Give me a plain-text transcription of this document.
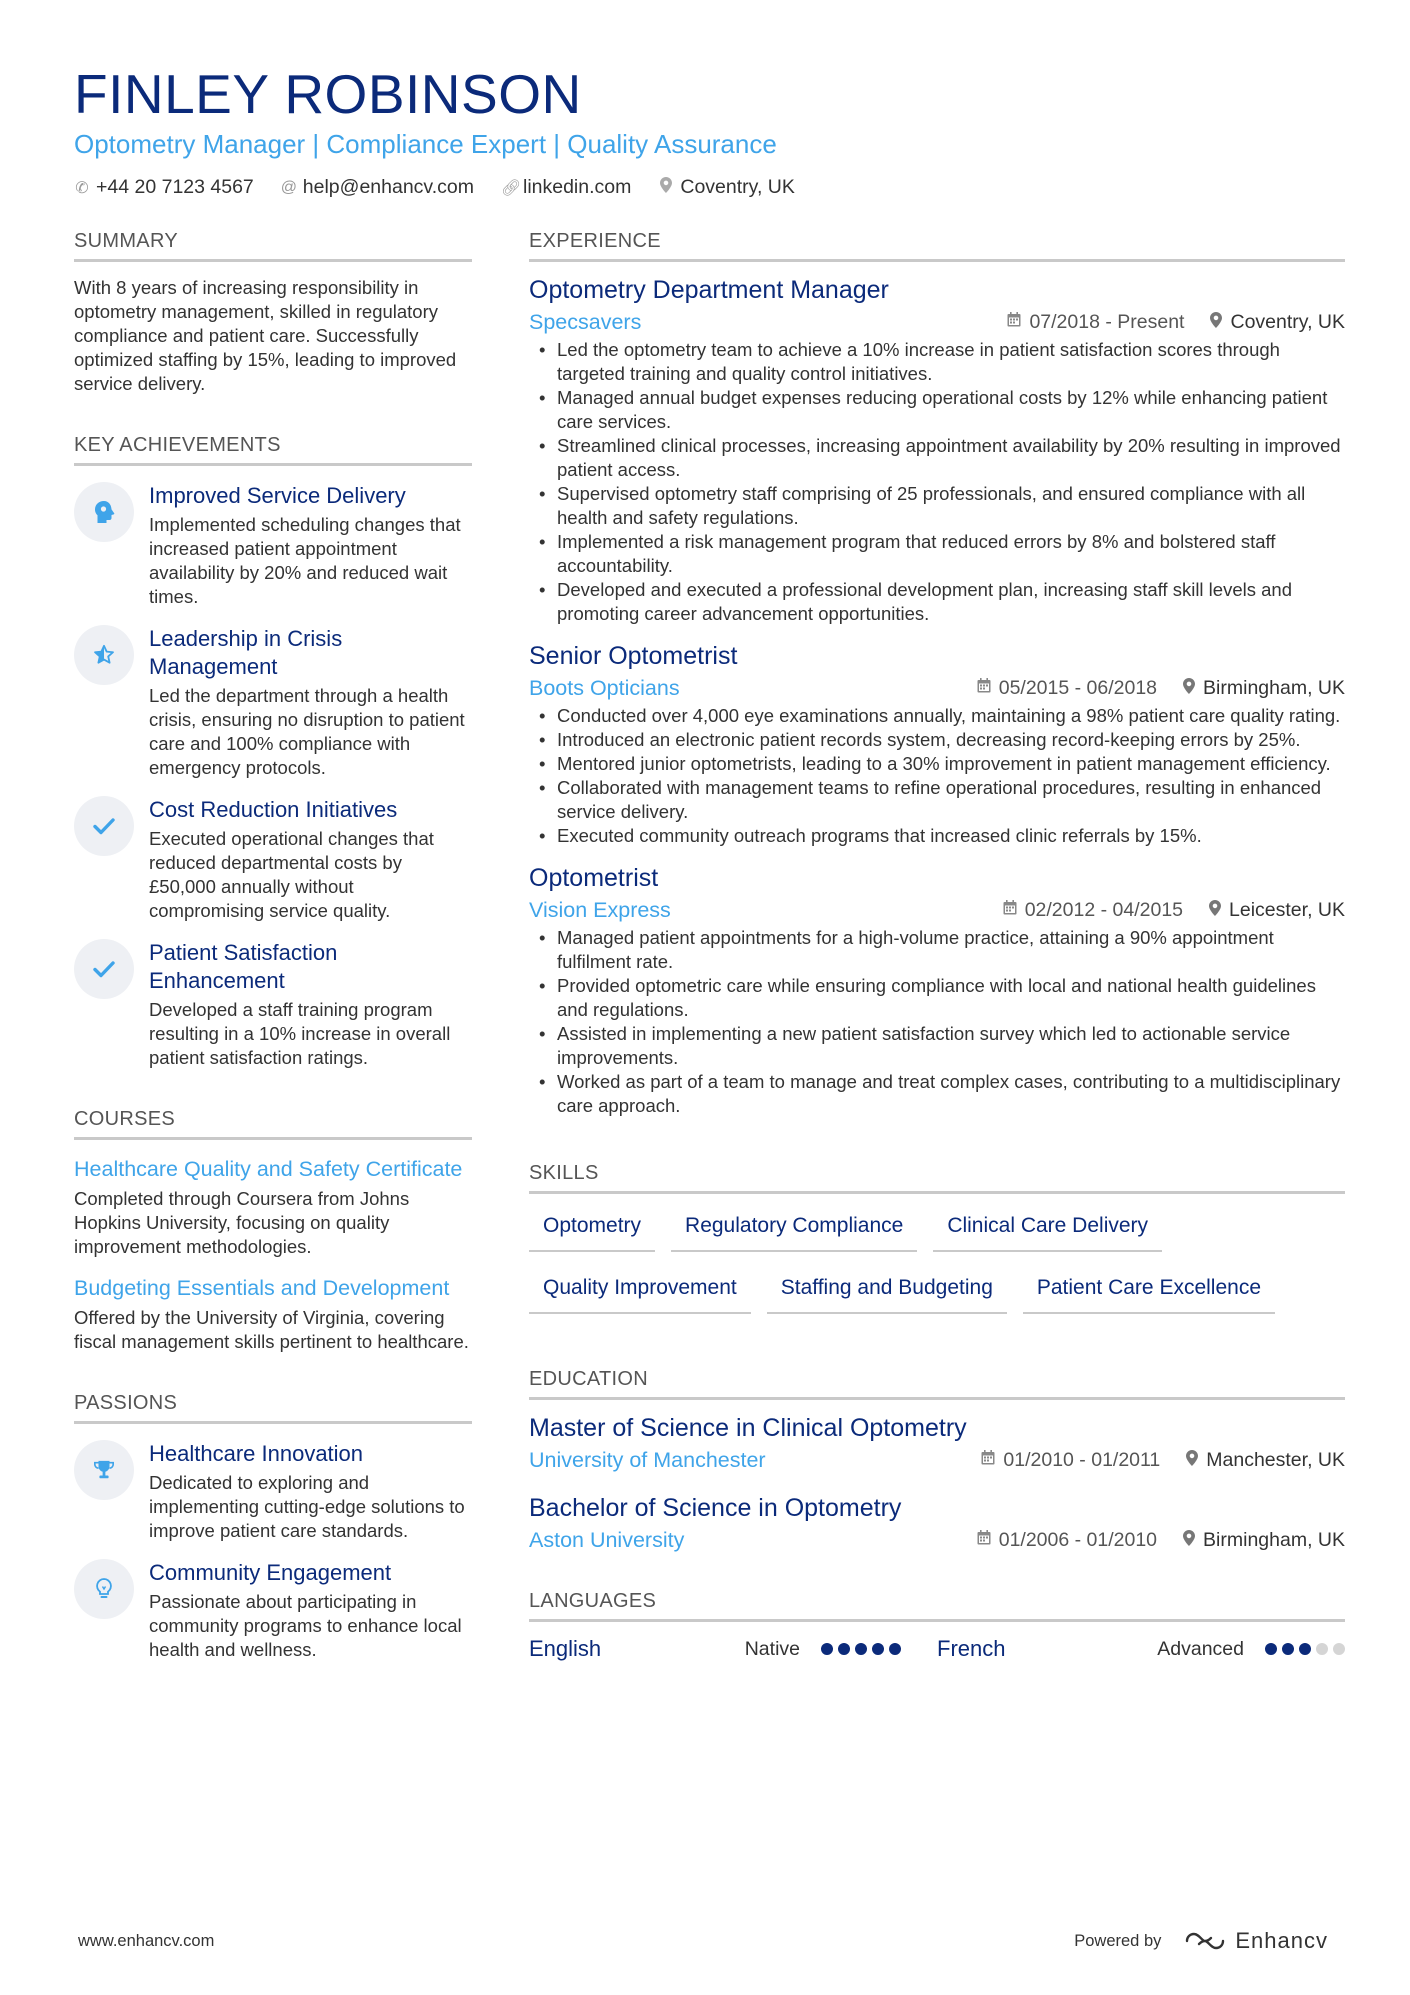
FINLEY ROBINSON
Optometry Manager | Compliance Expert | Quality Assurance
✆ +44 20 7123 4567 @ help@enhancv.com 🔗︎ linkedin.com	Coventry, UK
SUMMARY
With 8 years of increasing responsibility in optometry management, skilled in regulatory compliance and patient care. Successfully optimized staffing by 15%, leading to improved service delivery.
KEY ACHIEVEMENTS
Improved Service Delivery
Implemented scheduling changes that increased patient appointment availability by 20% and reduced wait times.
Leadership in Crisis Management
Led the department through a health crisis, ensuring no disruption to patient care and 100% compliance with emergency protocols.
Cost Reduction Initiatives
Executed operational changes that reduced departmental costs by £50,000 annually without compromising service quality.
Patient Satisfaction Enhancement
Developed a staff training program resulting in a 10% increase in overall patient satisfaction ratings.
COURSES
Healthcare Quality and Safety Certificate
Completed through Coursera from Johns Hopkins University, focusing on quality improvement methodologies.
Budgeting Essentials and Development
Offered by the University of Virginia, covering fiscal management skills pertinent to healthcare.
PASSIONS
Healthcare Innovation
Dedicated to exploring and implementing cutting-edge solutions to improve patient care standards.
Community Engagement
Passionate about participating in community programs to enhance local health and wellness.
EXPERIENCE
Optometry Department Manager
Specsavers	07/2018 - Present Coventry, UK
• Led the optometry team to achieve a 10% increase in patient satisfaction scores through targeted training and quality control initiatives.
• Managed annual budget expenses reducing operational costs by 12% while enhancing patient care services.
• Streamlined clinical processes, increasing appointment availability by 20% resulting in improved patient access.
• Supervised optometry staff comprising of 25 professionals, and ensured compliance with all health and safety regulations.
• Implemented a risk management program that reduced errors by 8% and bolstered staff accountability.
• Developed and executed a professional development plan, increasing staff skill levels and promoting career advancement opportunities.
Senior Optometrist
Boots Opticians	05/2015 - 06/2018 Birmingham, UK
• Conducted over 4,000 eye examinations annually, maintaining a 98% patient care quality rating.
• Introduced an electronic patient records system, decreasing record-keeping errors by 25%.
• Mentored junior optometrists, leading to a 30% improvement in patient management efficiency.
• Collaborated with management teams to refine operational procedures, resulting in enhanced service delivery.
• Executed community outreach programs that increased clinic referrals by 15%.
Optometrist
Vision Express	02/2012 - 04/2015 Leicester, UK
• Managed patient appointments for a high-volume practice, attaining a 90% appointment fulfilment rate.
• Provided optometric care while ensuring compliance with local and national health guidelines and regulations.
• Assisted in implementing a new patient satisfaction survey which led to actionable service improvements.
• Worked as part of a team to manage and treat complex cases, contributing to a multidisciplinary care approach.
SKILLS
Optometry	Regulatory Compliance	Clinical Care Delivery
Quality Improvement	Staffing and Budgeting	Patient Care Excellence
EDUCATION
Master of Science in Clinical Optometry
University of Manchester	01/2010 - 01/2011 Manchester, UK
Bachelor of Science in Optometry
Aston University	01/2006 - 01/2010 Birmingham, UK
LANGUAGES
English	Native	French	Advanced
www.enhancv.com	Powered by	Enhancv
